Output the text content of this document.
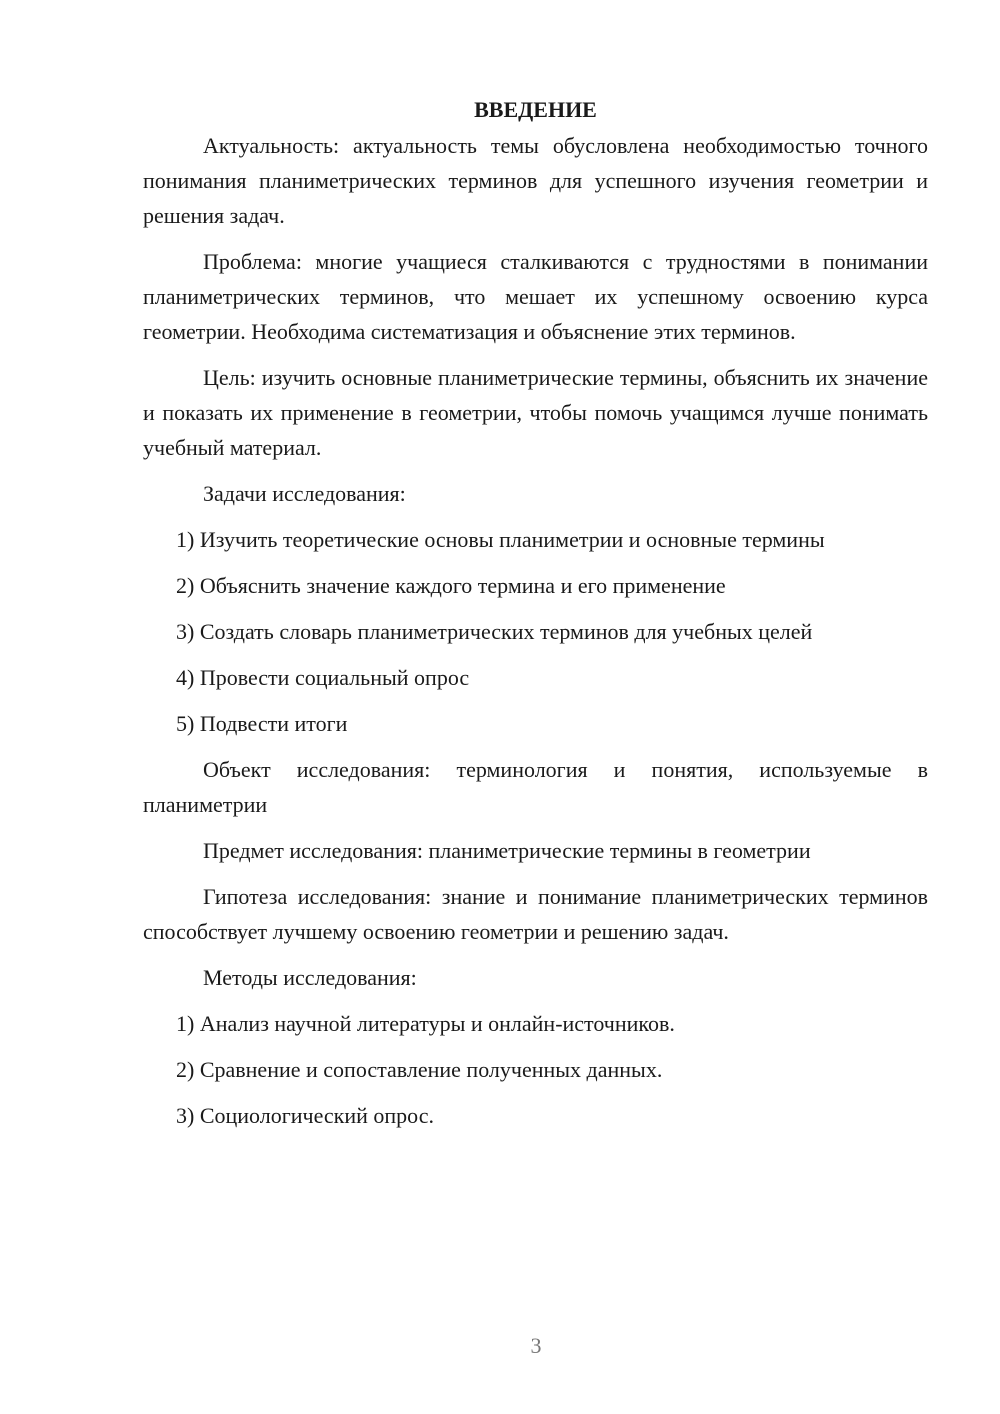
ВВЕДЕНИЕ

Актуальность: актуальность темы обусловлена необходимостью точного понимания планиметрических терминов для успешного изучения геометрии и решения задач.

Проблема: многие учащиеся сталкиваются с трудностями в понимании планиметрических терминов, что мешает их успешному освоению курса геометрии. Необходима систематизация и объяснение этих терминов.

Цель: изучить основные планиметрические термины, объяснить их значение и показать их применение в геометрии, чтобы помочь учащимся лучше понимать учебный материал.

Задачи исследования:

1) Изучить теоретические основы планиметрии и основные термины

2) Объяснить значение каждого термина и его применение

3) Создать словарь планиметрических терминов для учебных целей

4) Провести социальный опрос

5) Подвести итоги

Объект исследования: терминология и понятия, используемые в планиметрии

Предмет исследования: планиметрические термины в геометрии

Гипотеза исследования: знание и понимание планиметрических терминов способствует лучшему освоению геометрии и решению задач.

Методы исследования:

1) Анализ научной литературы и онлайн-источников.

2) Сравнение и сопоставление полученных данных.

3) Социологический опрос.

3
